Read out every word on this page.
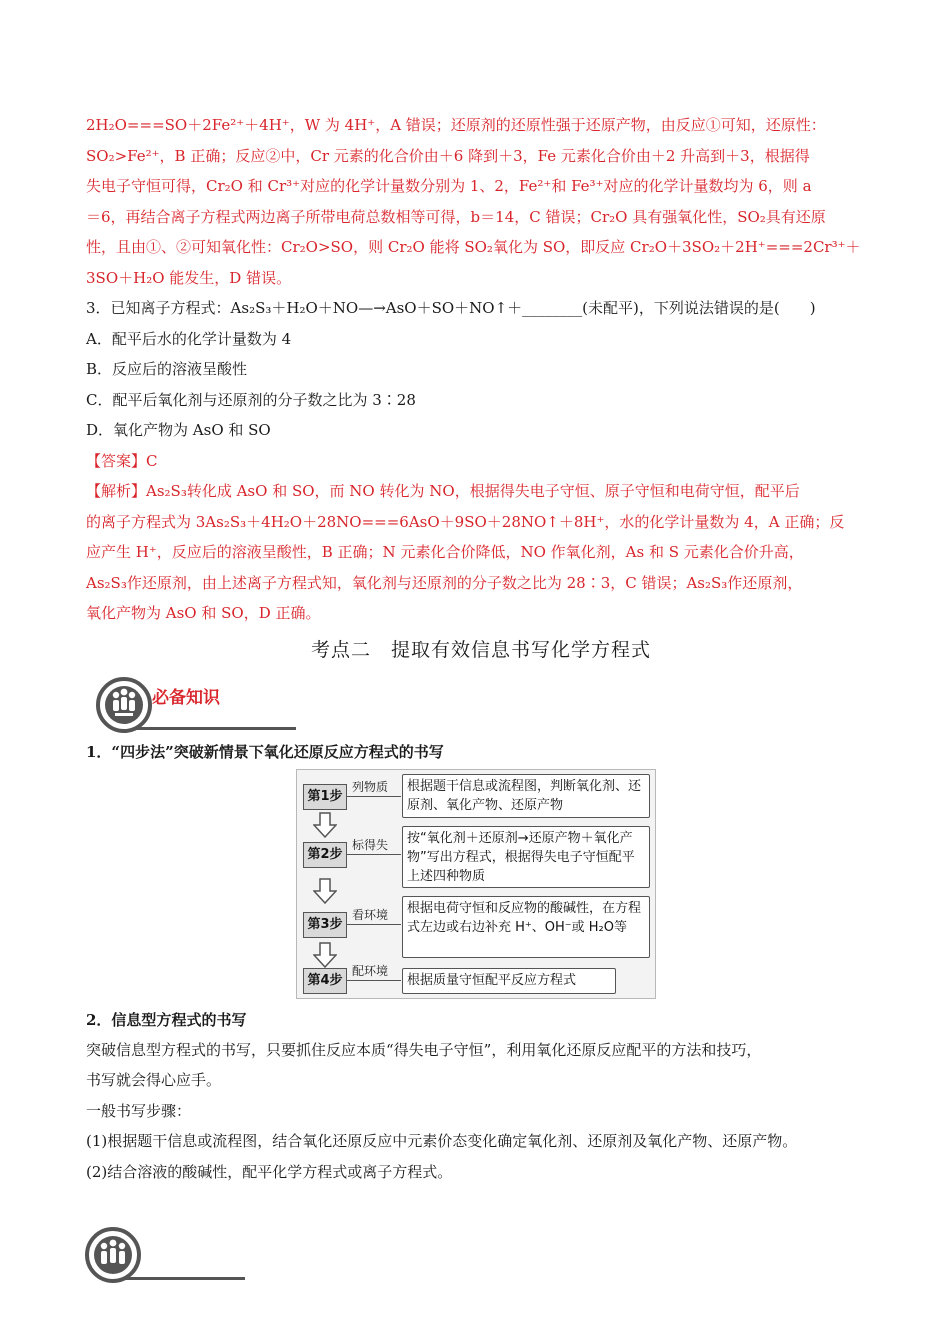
2H₂O===SO＋2Fe²⁺＋4H⁺，W 为 4H⁺，A 错误；还原剂的还原性强于还原产物，由反应①可知，还原性：
SO₂>Fe²⁺，B 正确；反应②中，Cr 元素的化合价由＋6 降到＋3，Fe 元素化合价由＋2 升高到＋3，根据得
失电子守恒可得，Cr₂O 和 Cr³⁺对应的化学计量数分别为 1、2，Fe²⁺和 Fe³⁺对应的化学计量数均为 6，则 a
＝6，再结合离子方程式两边离子所带电荷总数相等可得，b＝14，C 错误；Cr₂O 具有强氧化性，SO₂具有还原
性，且由①、②可知氧化性：Cr₂O>SO，则 Cr₂O 能将 SO₂氧化为 SO，即反应 Cr₂O＋3SO₂＋2H⁺===2Cr³⁺＋
3SO＋H₂O 能发生，D 错误。
3．已知离子方程式：As₂S₃＋H₂O＋NO—→AsO＋SO＋NO↑＋________(未配平)，下列说法错误的是(　　)
A．配平后水的化学计量数为 4
B．反应后的溶液呈酸性
C．配平后氧化剂与还原剂的分子数之比为 3∶28
D．氧化产物为 AsO 和 SO
【答案】C
【解析】As₂S₃转化成 AsO 和 SO，而 NO 转化为 NO，根据得失电子守恒、原子守恒和电荷守恒，配平后
的离子方程式为 3As₂S₃＋4H₂O＋28NO===6AsO＋9SO＋28NO↑＋8H⁺，水的化学计量数为 4，A 正确；反
应产生 H⁺，反应后的溶液呈酸性，B 正确；N 元素化合价降低，NO 作氧化剂，As 和 S 元素化合价升高，
As₂S₃作还原剂，由上述离子方程式知，氧化剂与还原剂的分子数之比为 28∶3，C 错误；As₂S₃作还原剂，
氧化产物为 AsO 和 SO，D 正确。
考点二　提取有效信息书写化学方程式
必备知识
1．“四步法”突破新情景下氧化还原反应方程式的书写
第1步
列物质	根据题干信息或流程图，判断氧化剂、还原剂、氧化产物、还原产物
第2步
标得失	按“氧化剂＋还原剂→还原产物＋氧化产物”写出方程式，根据得失电子守恒配平上述四种物质
第3步
看环境	根据电荷守恒和反应物的酸碱性，在方程式左边或右边补充 H⁺、OH⁻或 H₂O等
第4步
配环境
根据质量守恒配平反应方程式
2．信息型方程式的书写
突破信息型方程式的书写，只要抓住反应本质“得失电子守恒”，利用氧化还原反应配平的方法和技巧，
书写就会得心应手。
一般书写步骤：
(1)根据题干信息或流程图，结合氧化还原反应中元素价态变化确定氧化剂、还原剂及氧化产物、还原产物。
(2)结合溶液的酸碱性，配平化学方程式或离子方程式。
